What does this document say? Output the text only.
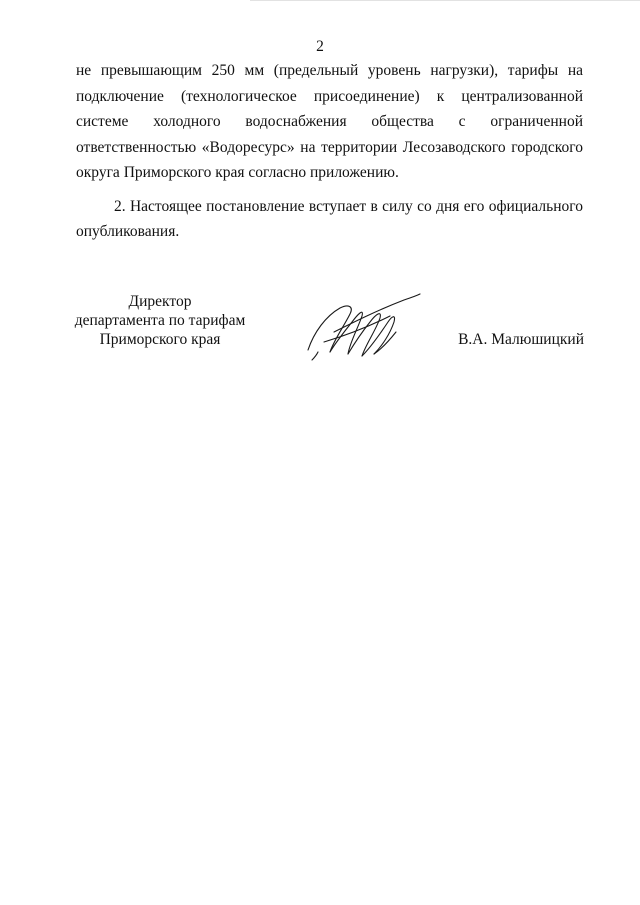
2

не превышающим 250 мм (предельный уровень нагрузки), тарифы на подключение (технологическое присоединение) к централизованной системе холодного водоснабжения общества с ограниченной ответственностью «Водоресурс» на территории Лесозаводского городского округа Приморского края согласно приложению.

2. Настоящее постановление вступает в силу со дня его официального опубликования.

Директор
департамента по тарифам
Приморского края	В.А. Малюшицкий
